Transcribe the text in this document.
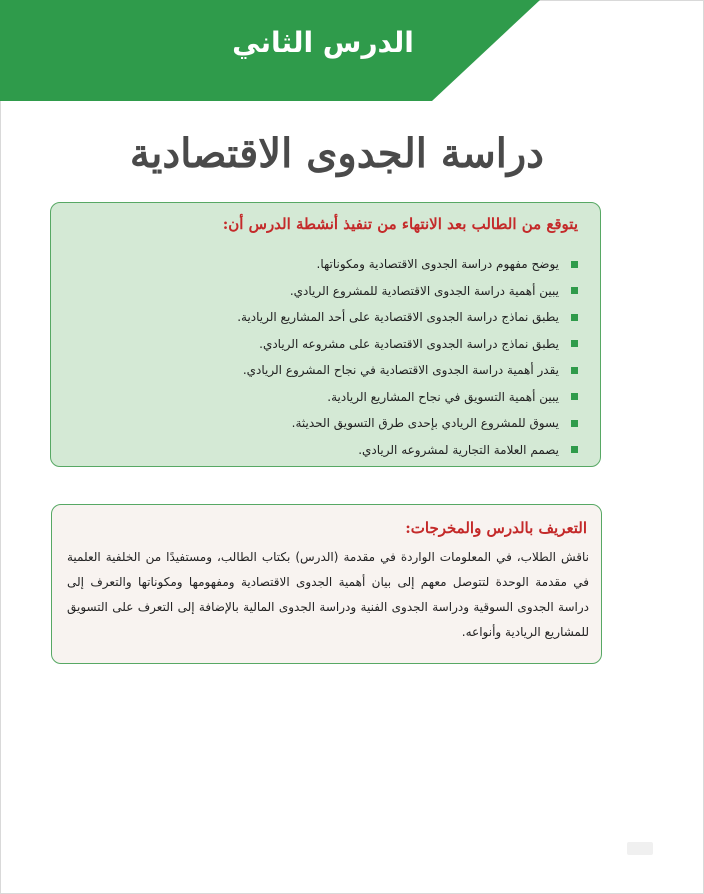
الدرس الثاني
دراسة الجدوى الاقتصادية
يتوقع من الطالب بعد الانتهاء من تنفيذ أنشطة الدرس أن:
يوضح مفهوم دراسة الجدوى الاقتصادية ومكوناتها.
يبين أهمية دراسة الجدوى الاقتصادية للمشروع الريادي.
يطبق نماذج دراسة الجدوى الاقتصادية على أحد المشاريع الريادية.
يطبق نماذج دراسة الجدوى الاقتصادية على مشروعه الريادي.
يقدر أهمية دراسة الجدوى الاقتصادية في نجاح المشروع الريادي.
يبين أهمية التسويق في نجاح المشاريع الريادية.
يسوق للمشروع الريادي بإحدى طرق التسويق الحديثة.
يصمم العلامة التجارية لمشروعه الريادي.
التعريف بالدرس والمخرجات:
ناقش الطلاب، في المعلومات الواردة في مقدمة (الدرس) بكتاب الطالب، ومستفيدًا من الخلفية العلمية في مقدمة الوحدة لتتوصل معهم إلى بيان أهمية الجدوى الاقتصادية ومفهومها ومكوناتها والتعرف إلى دراسة الجدوى السوقية ودراسة الجدوى الفنية ودراسة الجدوى المالية بالإضافة إلى التعرف على التسويق للمشاريع الريادية وأنواعه.
